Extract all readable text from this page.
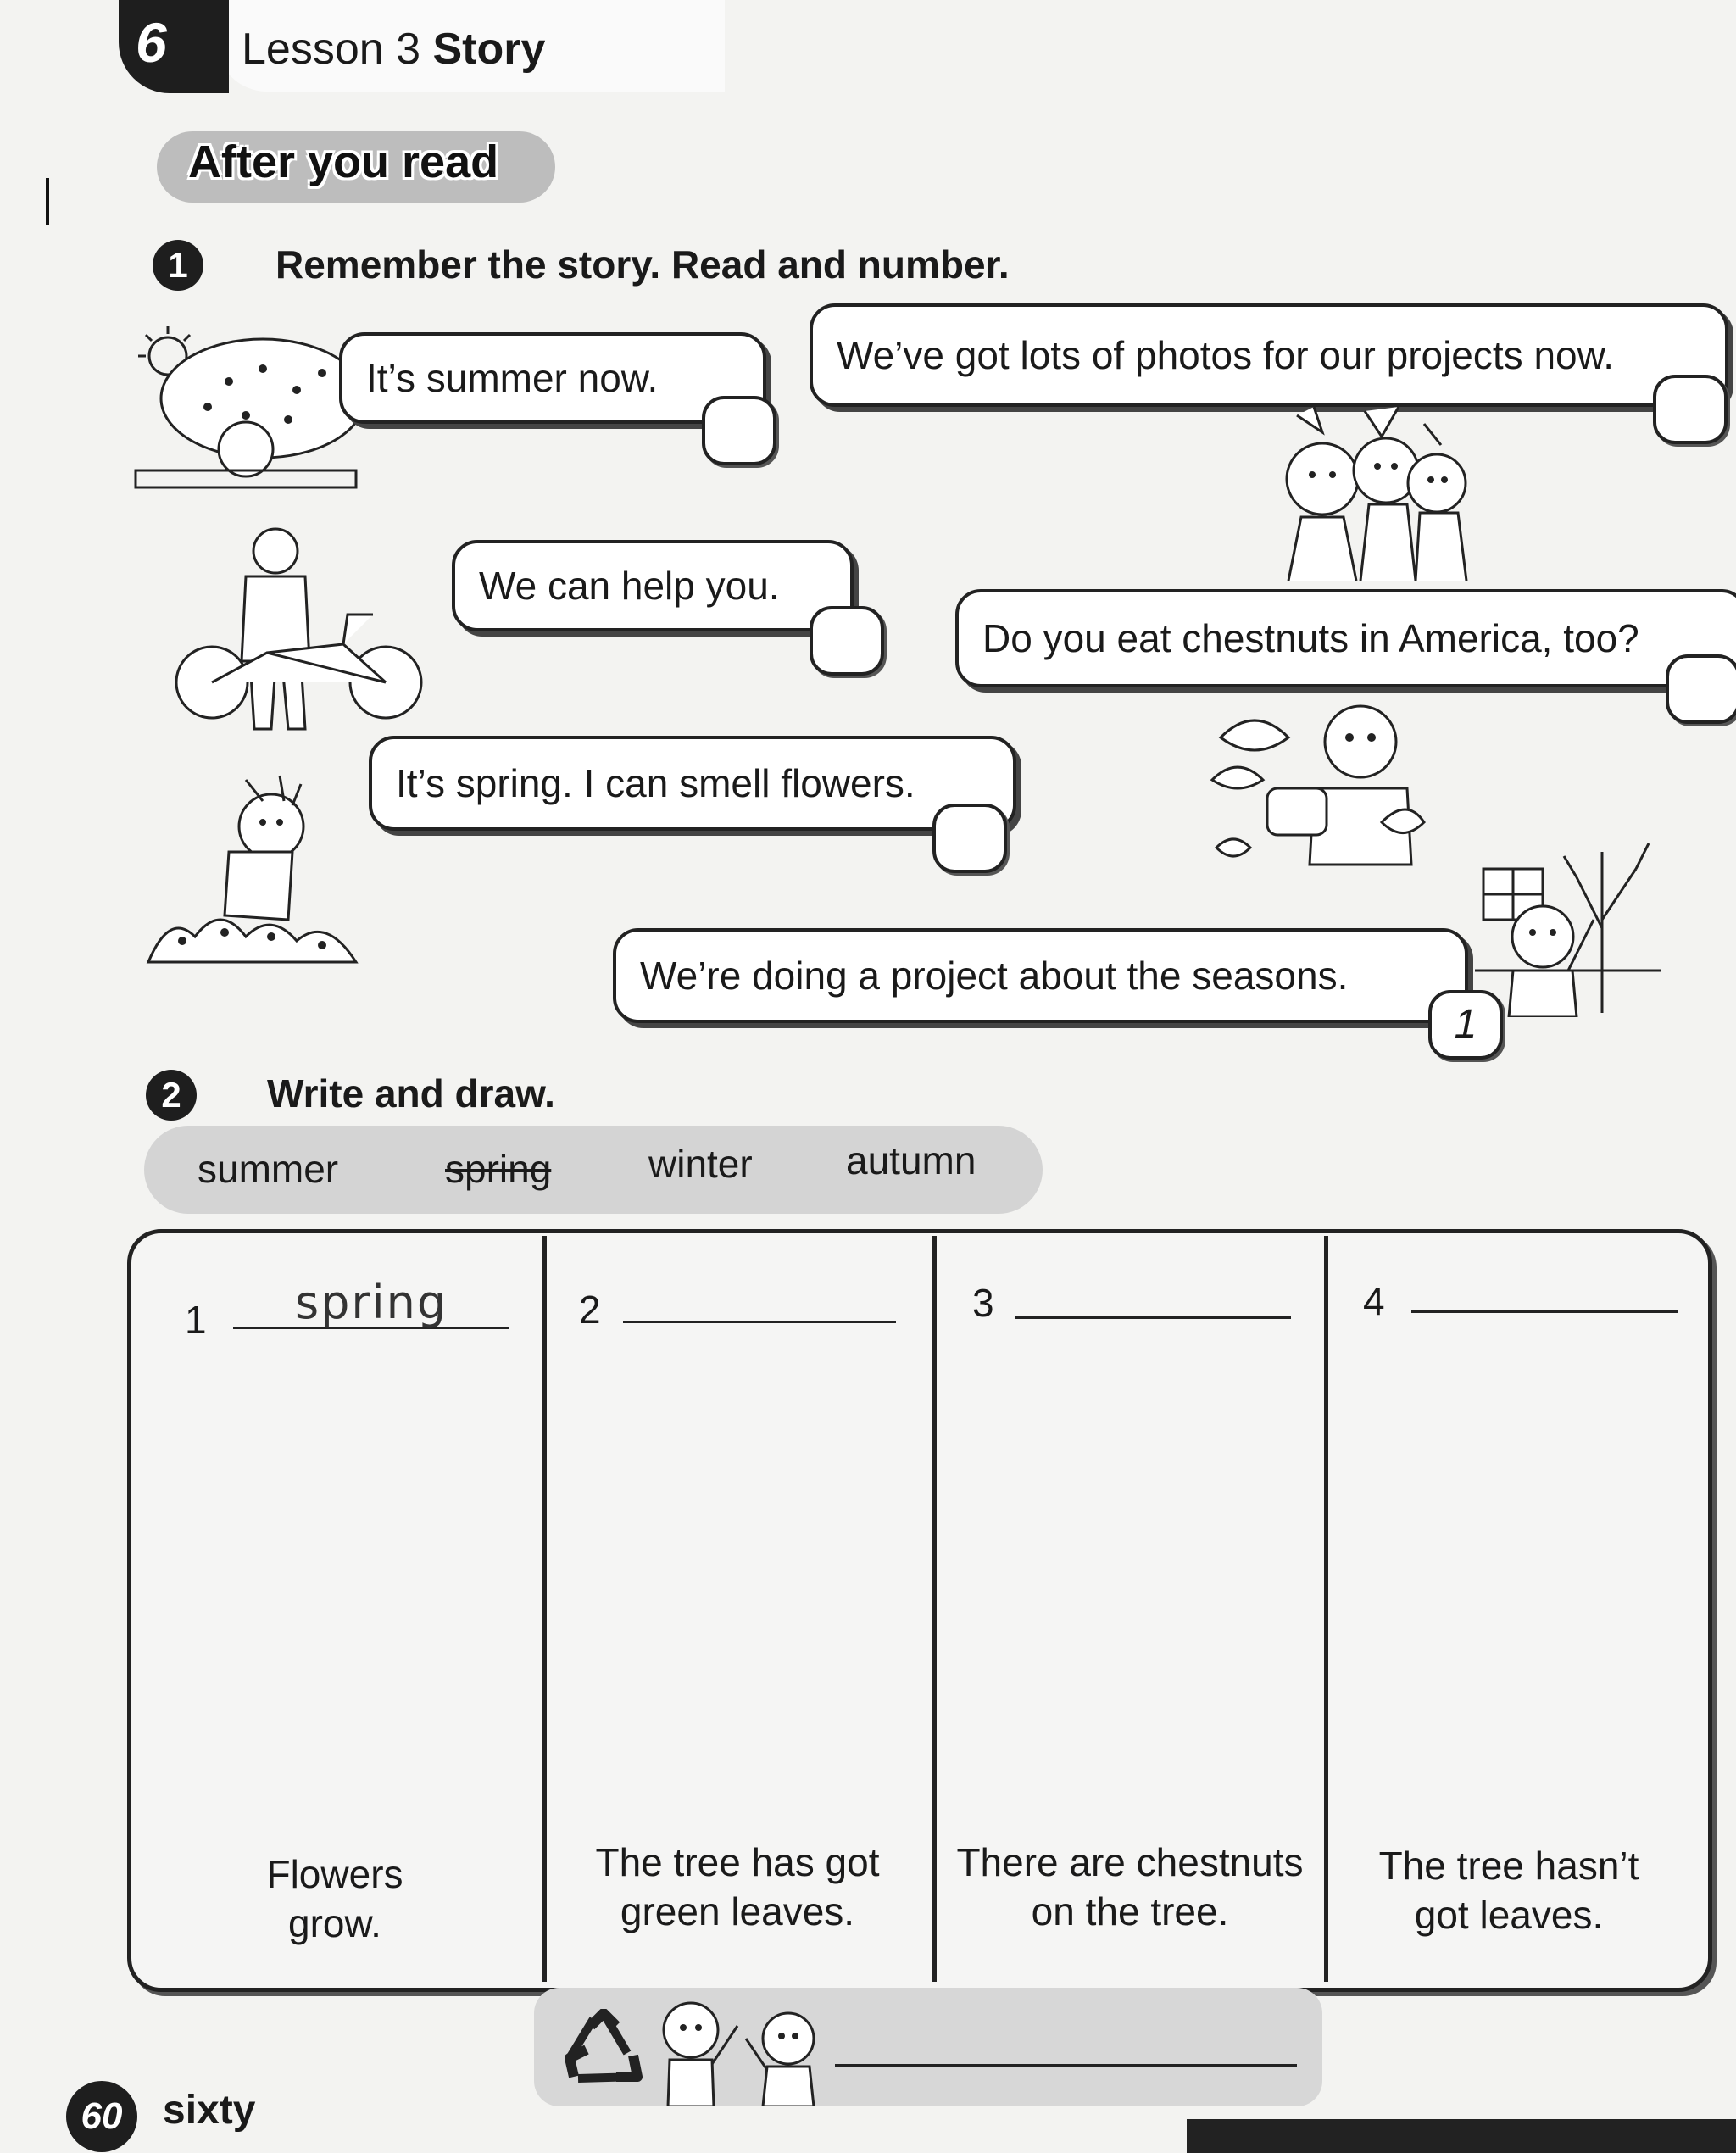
6	Lesson 3 Story
After you read
1	Remember the story. Read and number.
It’s summer now.
We’ve got lots of photos for our projects now.
We can help you.
Do you eat chestnuts in America, too?
It’s spring. I can smell flowers.
We’re doing a project about the seasons.
1
2	Write and draw.
summer	spring winter autumn
1 spring
Flowers
grow.
2
The tree has got
green leaves.
3
There are chestnuts
on the tree.
4
The tree hasn’t
got leaves.
60 sixty
